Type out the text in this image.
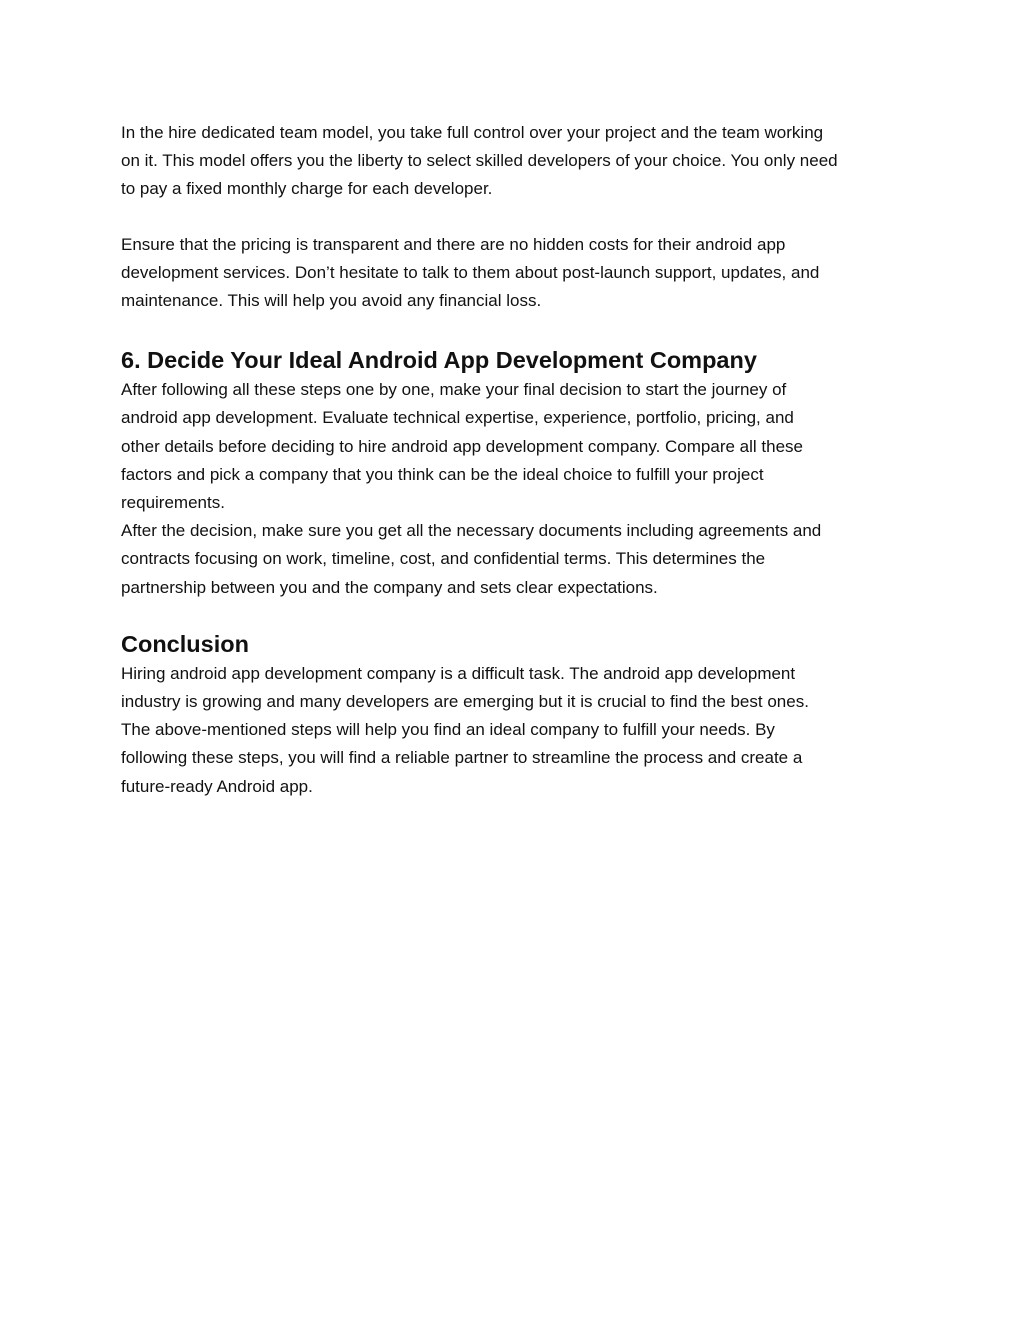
In the hire dedicated team model, you take full control over your project and the team working
on it. This model offers you the liberty to select skilled developers of your choice. You only need
to pay a fixed monthly charge for each developer.

Ensure that the pricing is transparent and there are no hidden costs for their android app
development services. Don’t hesitate to talk to them about post-launch support, updates, and
maintenance. This will help you avoid any financial loss.

6. Decide Your Ideal Android App Development Company

After following all these steps one by one, make your final decision to start the journey of
android app development. Evaluate technical expertise, experience, portfolio, pricing, and
other details before deciding to hire android app development company. Compare all these
factors and pick a company that you think can be the ideal choice to fulfill your project
requirements.

After the decision, make sure you get all the necessary documents including agreements and
contracts focusing on work, timeline, cost, and confidential terms. This determines the
partnership between you and the company and sets clear expectations.

Conclusion

Hiring android app development company is a difficult task. The android app development
industry is growing and many developers are emerging but it is crucial to find the best ones.
The above-mentioned steps will help you find an ideal company to fulfill your needs. By
following these steps, you will find a reliable partner to streamline the process and create a
future-ready Android app.
